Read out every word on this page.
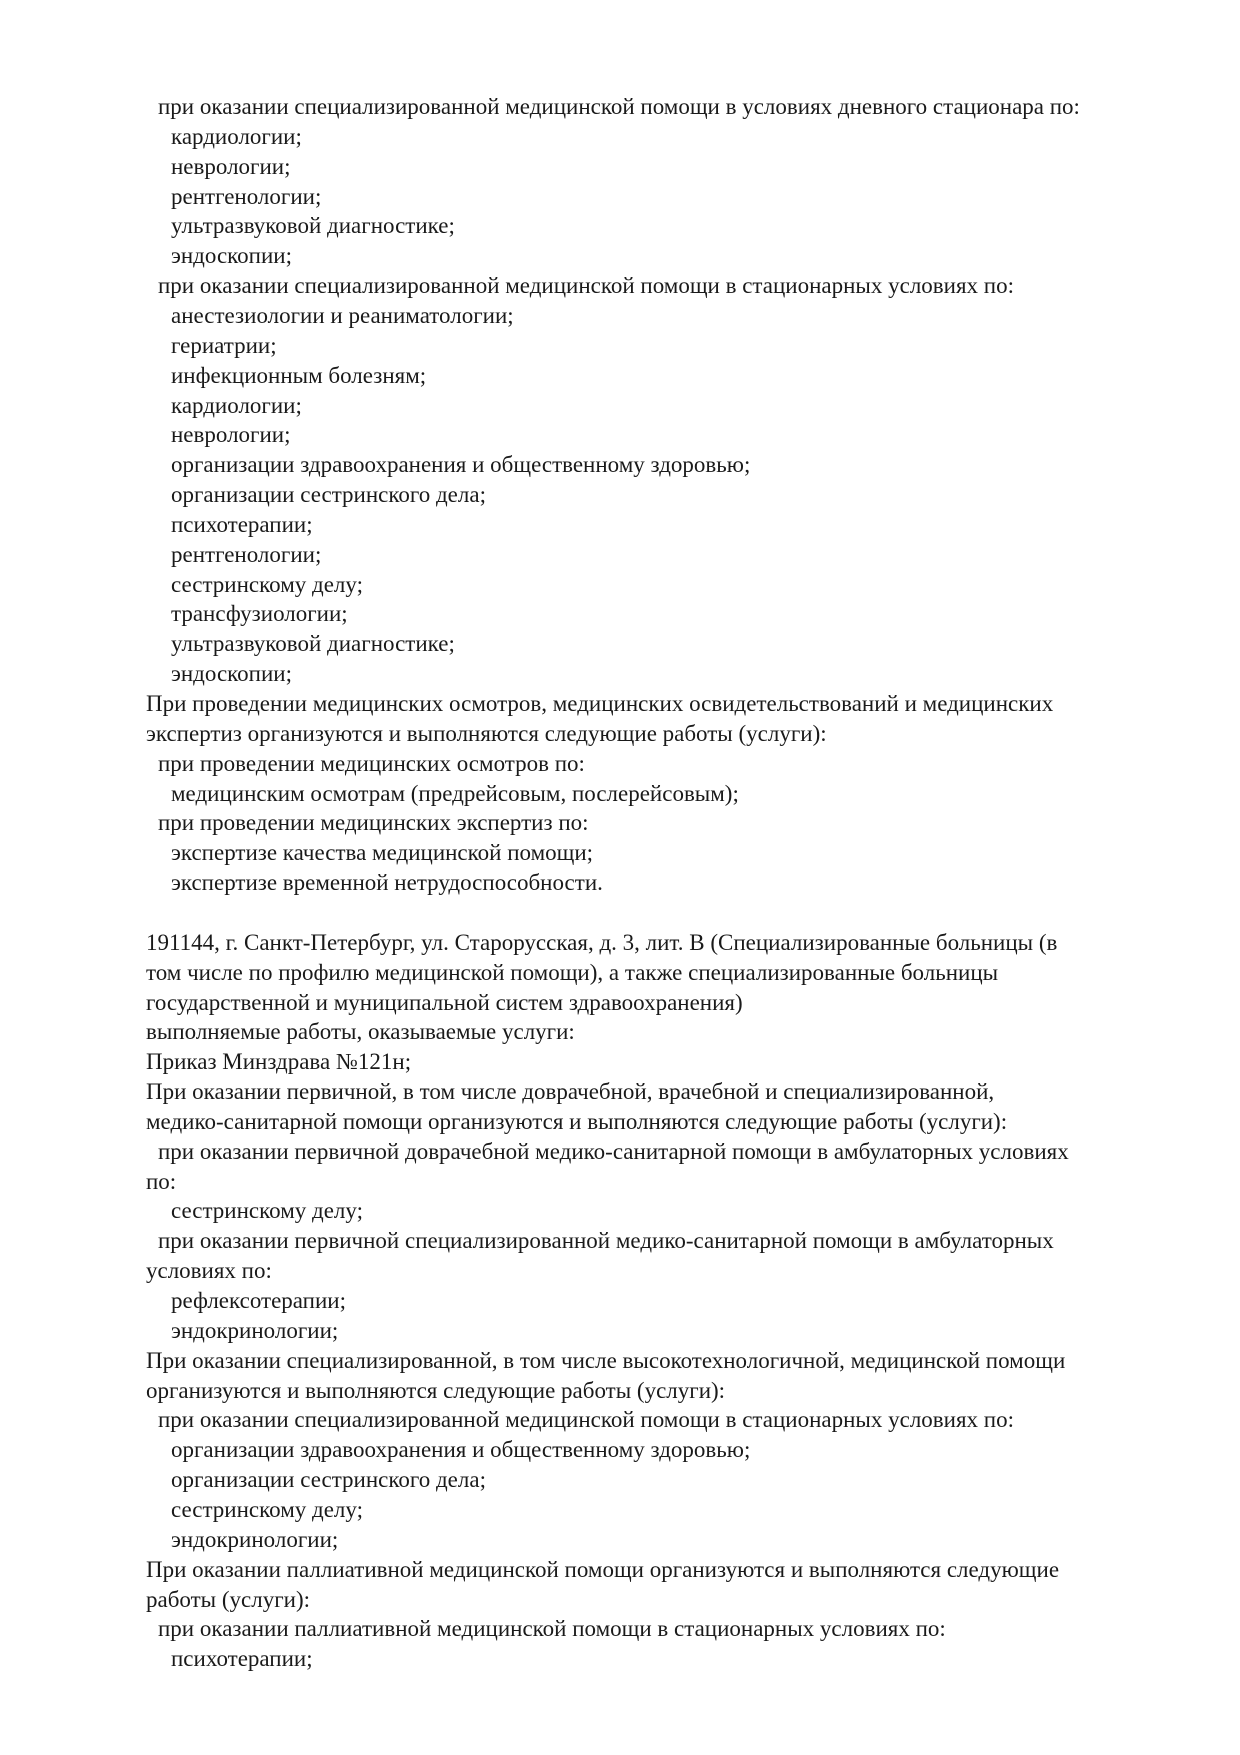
при оказании специализированной медицинской помощи в условиях дневного стационара по:
кардиологии;
неврологии;
рентгенологии;
ультразвуковой диагностике;
эндоскопии;
при оказании специализированной медицинской помощи в стационарных условиях по:
анестезиологии и реаниматологии;
гериатрии;
инфекционным болезням;
кардиологии;
неврологии;
организации здравоохранения и общественному здоровью;
организации сестринского дела;
психотерапии;
рентгенологии;
сестринскому делу;
трансфузиологии;
ультразвуковой диагностике;
эндоскопии;
При проведении медицинских осмотров, медицинских освидетельствований и медицинских
экспертиз организуются и выполняются следующие работы (услуги):
при проведении медицинских осмотров по:
медицинским осмотрам (предрейсовым, послерейсовым);
при проведении медицинских экспертиз по:
экспертизе качества медицинской помощи;
экспертизе временной нетрудоспособности.
191144, г. Санкт-Петербург, ул. Старорусская, д. 3, лит. В (Специализированные больницы (в
том числе по профилю медицинской помощи), а также специализированные больницы
государственной и муниципальной систем здравоохранения)
выполняемые работы, оказываемые услуги:
Приказ Минздрава №121н;
При оказании первичной, в том числе доврачебной, врачебной и специализированной,
медико-санитарной помощи организуются и выполняются следующие работы (услуги):
при оказании первичной доврачебной медико-санитарной помощи в амбулаторных условиях
по:
сестринскому делу;
при оказании первичной специализированной медико-санитарной помощи в амбулаторных
условиях по:
рефлексотерапии;
эндокринологии;
При оказании специализированной, в том числе высокотехнологичной, медицинской помощи
организуются и выполняются следующие работы (услуги):
при оказании специализированной медицинской помощи в стационарных условиях по:
организации здравоохранения и общественному здоровью;
организации сестринского дела;
сестринскому делу;
эндокринологии;
При оказании паллиативной медицинской помощи организуются и выполняются следующие
работы (услуги):
при оказании паллиативной медицинской помощи в стационарных условиях по:
психотерапии;
